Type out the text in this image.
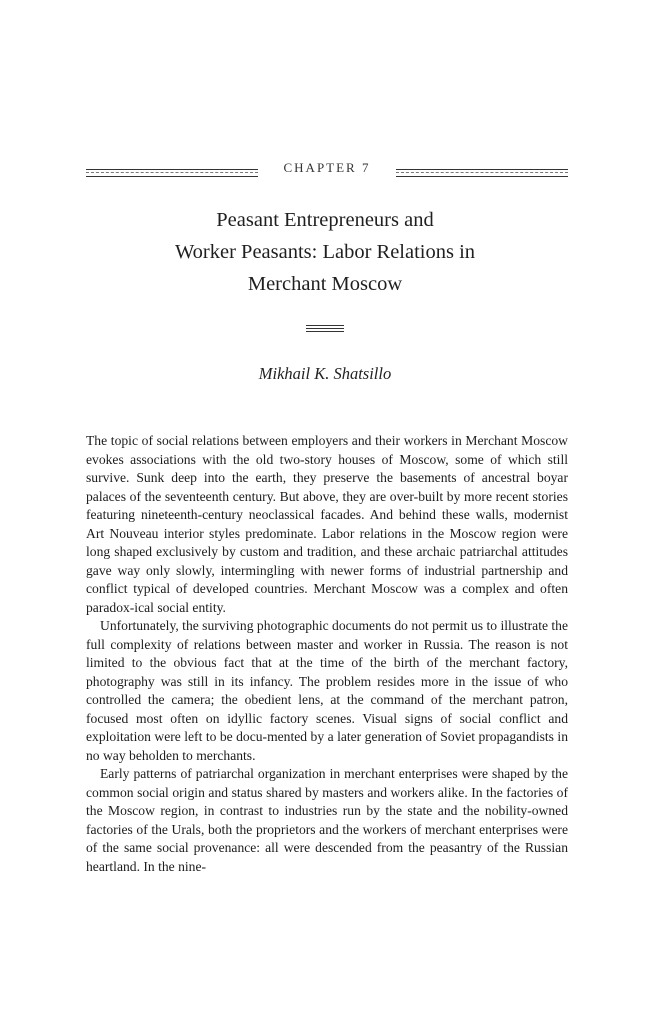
CHAPTER 7
Peasant Entrepreneurs and
Worker Peasants: Labor Relations in
Merchant Moscow
Mikhail K. Shatsillo

The topic of social relations between employers and their workers in Merchant Moscow evokes associations with the old two-story houses of Moscow, some of which still survive. Sunk deep into the earth, they preserve the basements of ancestral boyar palaces of the seventeenth century. But above, they are over-built by more recent stories featuring nineteenth-century neoclassical facades. And behind these walls, modernist Art Nouveau interior styles predominate. Labor relations in the Moscow region were long shaped exclusively by custom and tradition, and these archaic patriarchal attitudes gave way only slowly, intermingling with newer forms of industrial partnership and conflict typical of developed countries. Merchant Moscow was a complex and often paradox-ical social entity.

Unfortunately, the surviving photographic documents do not permit us to illustrate the full complexity of relations between master and worker in Russia. The reason is not limited to the obvious fact that at the time of the birth of the merchant factory, photography was still in its infancy. The problem resides more in the issue of who controlled the camera; the obedient lens, at the command of the merchant patron, focused most often on idyllic factory scenes. Visual signs of social conflict and exploitation were left to be docu-mented by a later generation of Soviet propagandists in no way beholden to merchants.

Early patterns of patriarchal organization in merchant enterprises were shaped by the common social origin and status shared by masters and workers alike. In the factories of the Moscow region, in contrast to industries run by the state and the nobility-owned factories of the Urals, both the proprietors and the workers of merchant enterprises were of the same social provenance: all were descended from the peasantry of the Russian heartland. In the nine-
